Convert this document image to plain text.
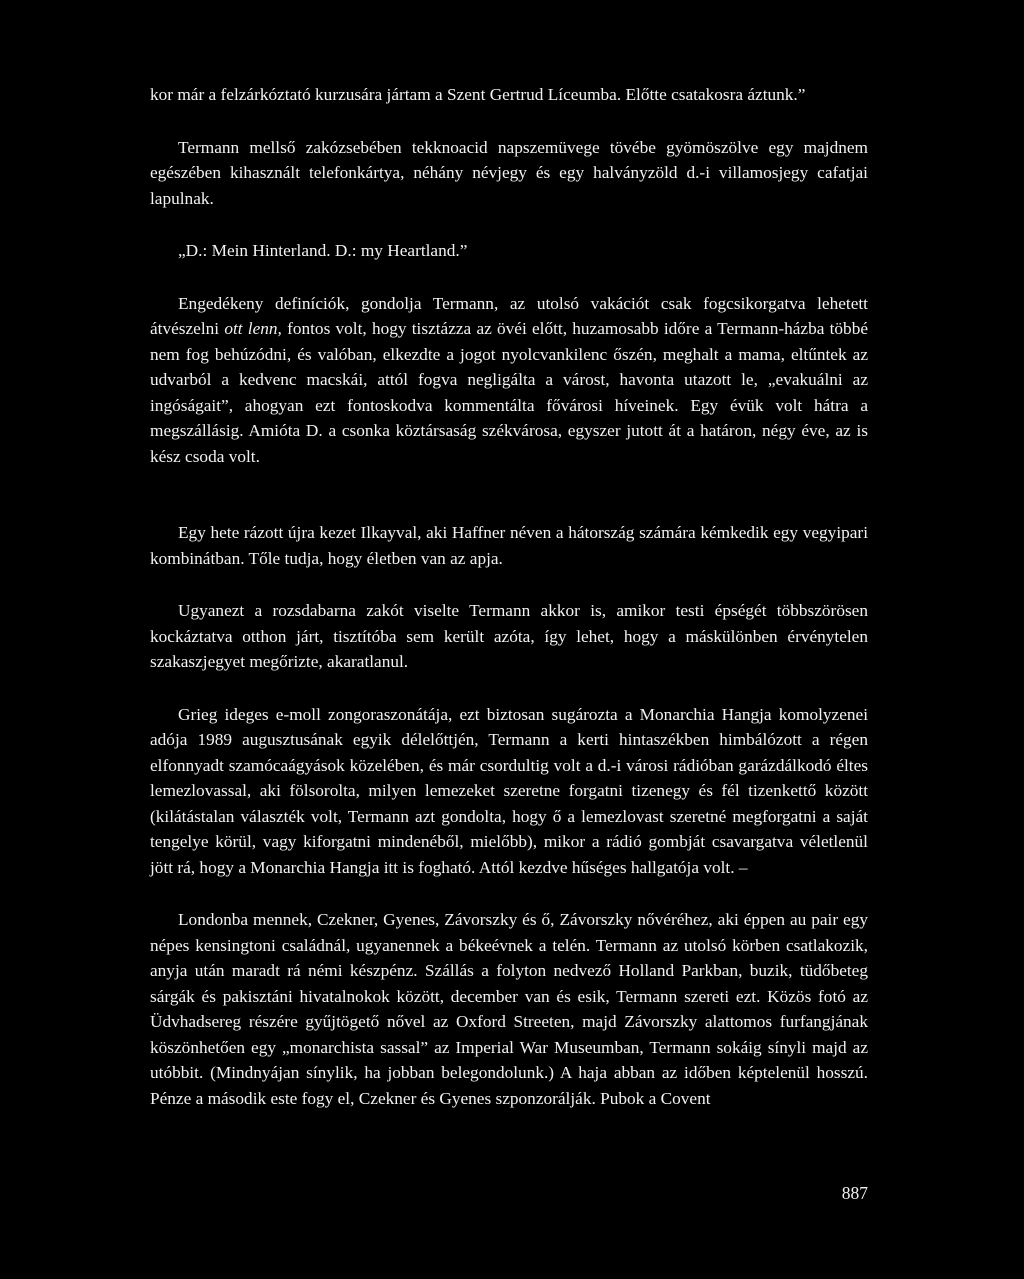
kor már a felzárkóztató kurzusára jártam a Szent Gertrud Líceumba. Előtte csatakosra áztunk.”

Termann mellső zakózsebében tekknoacid napszemüvege tövébe gyömöszölve egy majdnem egészében kihasznált telefonkártya, néhány névjegy és egy halványzöld d.-i villamosjegy cafatjai lapulnak.

„D.: Mein Hinterland. D.: my Heartland.”

Engedékeny definíciók, gondolja Termann, az utolsó vakációt csak fogcsikorgatva lehetett átvészelni ott lenn, fontos volt, hogy tisztázza az övéi előtt, huzamosabb időre a Termann-házba többé nem fog behúzódni, és valóban, elkezdte a jogot nyolcvankilenc őszén, meghalt a mama, eltűntek az udvarból a kedvenc macskái, attól fogva negligálta a várost, havonta utazott le, „evakuálni az ingóságait”, ahogyan ezt fontoskodva kommentálta fővárosi híveinek. Egy évük volt hátra a megszállásig. Amióta D. a csonka köztársaság székvárosa, egyszer jutott át a határon, négy éve, az is kész csoda volt.

Egy hete rázott újra kezet Ilkayval, aki Haffner néven a hátország számára kémkedik egy vegyipari kombinátban. Tőle tudja, hogy életben van az apja.

Ugyanezt a rozsdabarna zakót viselte Termann akkor is, amikor testi épségét többszörösen kockáztatva otthon járt, tisztítóba sem került azóta, így lehet, hogy a máskülönben érvénytelen szakaszjegyet megőrizte, akaratlanul.

Grieg ideges e-moll zongoraszonátája, ezt biztosan sugározta a Monarchia Hangja komolyzenei adója 1989 augusztusának egyik délelőttjén, Termann a kerti hintaszékben himbálózott a régen elfonnyadt szamócaágyások közelében, és már csordultig volt a d.-i városi rádióban garázdálkodó éltes lemezlovassal, aki fölsorolta, milyen lemezeket szeretne forgatni tizenegy és fél tizenkettő között (kilátástalan választék volt, Termann azt gondolta, hogy ő a lemezlovast szeretné megforgatni a saját tengelye körül, vagy kiforgatni mindenéből, mielőbb), mikor a rádió gombját csavargatva véletlenül jött rá, hogy a Monarchia Hangja itt is fogható. Attól kezdve hűséges hallgatója volt. –

Londonba mennek, Czekner, Gyenes, Závorszky és ő, Závorszky nővéréhez, aki éppen au pair egy népes kensingtoni családnál, ugyanennek a békeévnek a telén. Termann az utolsó körben csatlakozik, anyja után maradt rá némi készpénz. Szállás a folyton nedvező Holland Parkban, buzik, tüdőbeteg sárgák és pakisztáni hivatalnokok között, december van és esik, Termann szereti ezt. Közös fotó az Üdvhadsereg részére gyűjtögető nővel az Oxford Streeten, majd Závorszky alattomos furfangjának köszönhetően egy „monarchista sassal” az Imperial War Museumban, Termann sokáig sínyli majd az utóbbit. (Mindnyájan sínylik, ha jobban belegondolunk.) A haja abban az időben képtelenül hosszú. Pénze a második este fogy el, Czekner és Gyenes szponzorálják. Pubok a Covent

887
